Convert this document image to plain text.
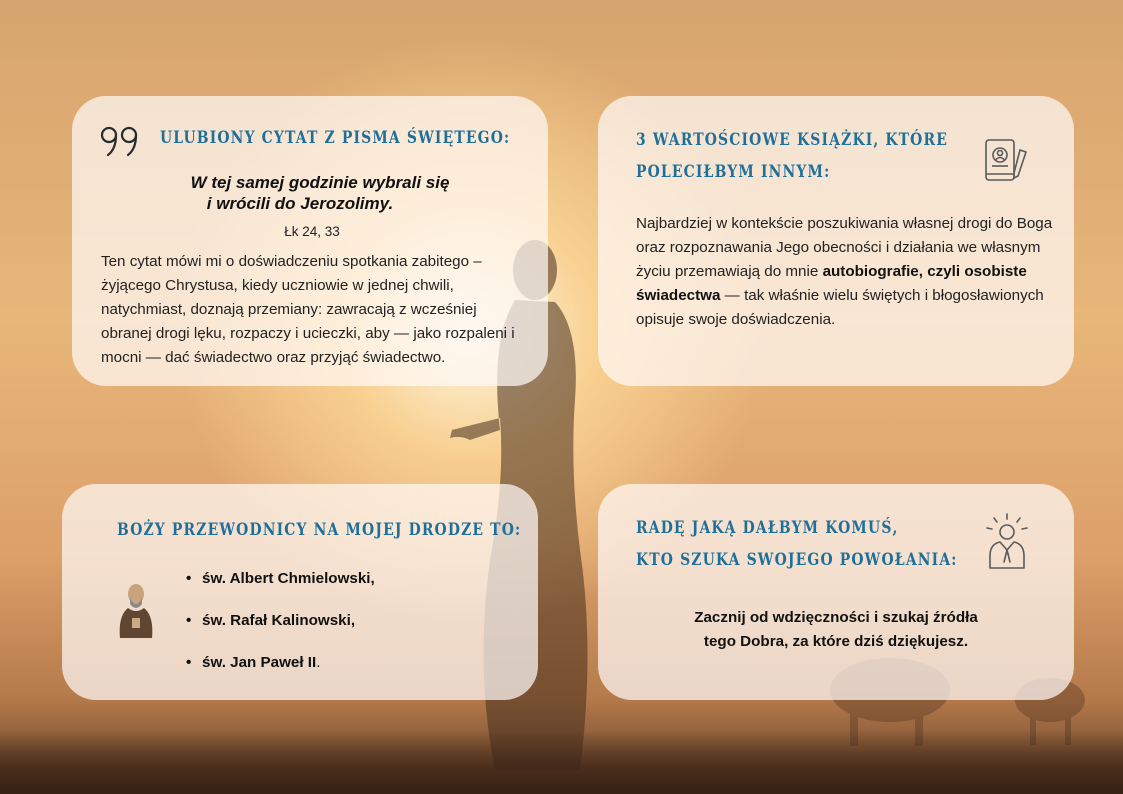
ULUBIONY CYTAT Z PISMA ŚWIĘTEGO:
W tej samej godzinie wybrali się
i wrócili do Jerozolimy.
Łk 24, 33
Ten cytat mówi mi o doświadczeniu spotkania zabitego – żyjącego Chrystusa, kiedy uczniowie w jednej chwili, natychmiast, doznają przemiany: zawracają z wcześniej obranej drogi lęku, rozpaczy i ucieczki, aby — jako rozpaleni i mocni — dać świadectwo oraz przyjąć świadectwo.
3 WARTOŚCIOWE KSIĄŻKI, KTÓRE
POLECIŁBYM INNYM:
Najbardziej w kontekście poszukiwania własnej drogi do Boga oraz rozpoznawania Jego obecności i działania we własnym życiu przemawiają do mnie autobiografie, czyli osobiste świadectwa — tak właśnie wielu świętych i błogosławionych opisuje swoje doświadczenia.
BOŻY PRZEWODNICY NA MOJEJ DRODZE TO:
• św. Albert Chmielowski,
• św. Rafał Kalinowski,
• św. Jan Paweł II.
RADĘ JAKĄ DAŁBYM KOMUŚ,
KTO SZUKA SWOJEGO POWOŁANIA:
Zacznij od wdzięczności i szukaj źródła
tego Dobra, za które dziś dziękujesz.
